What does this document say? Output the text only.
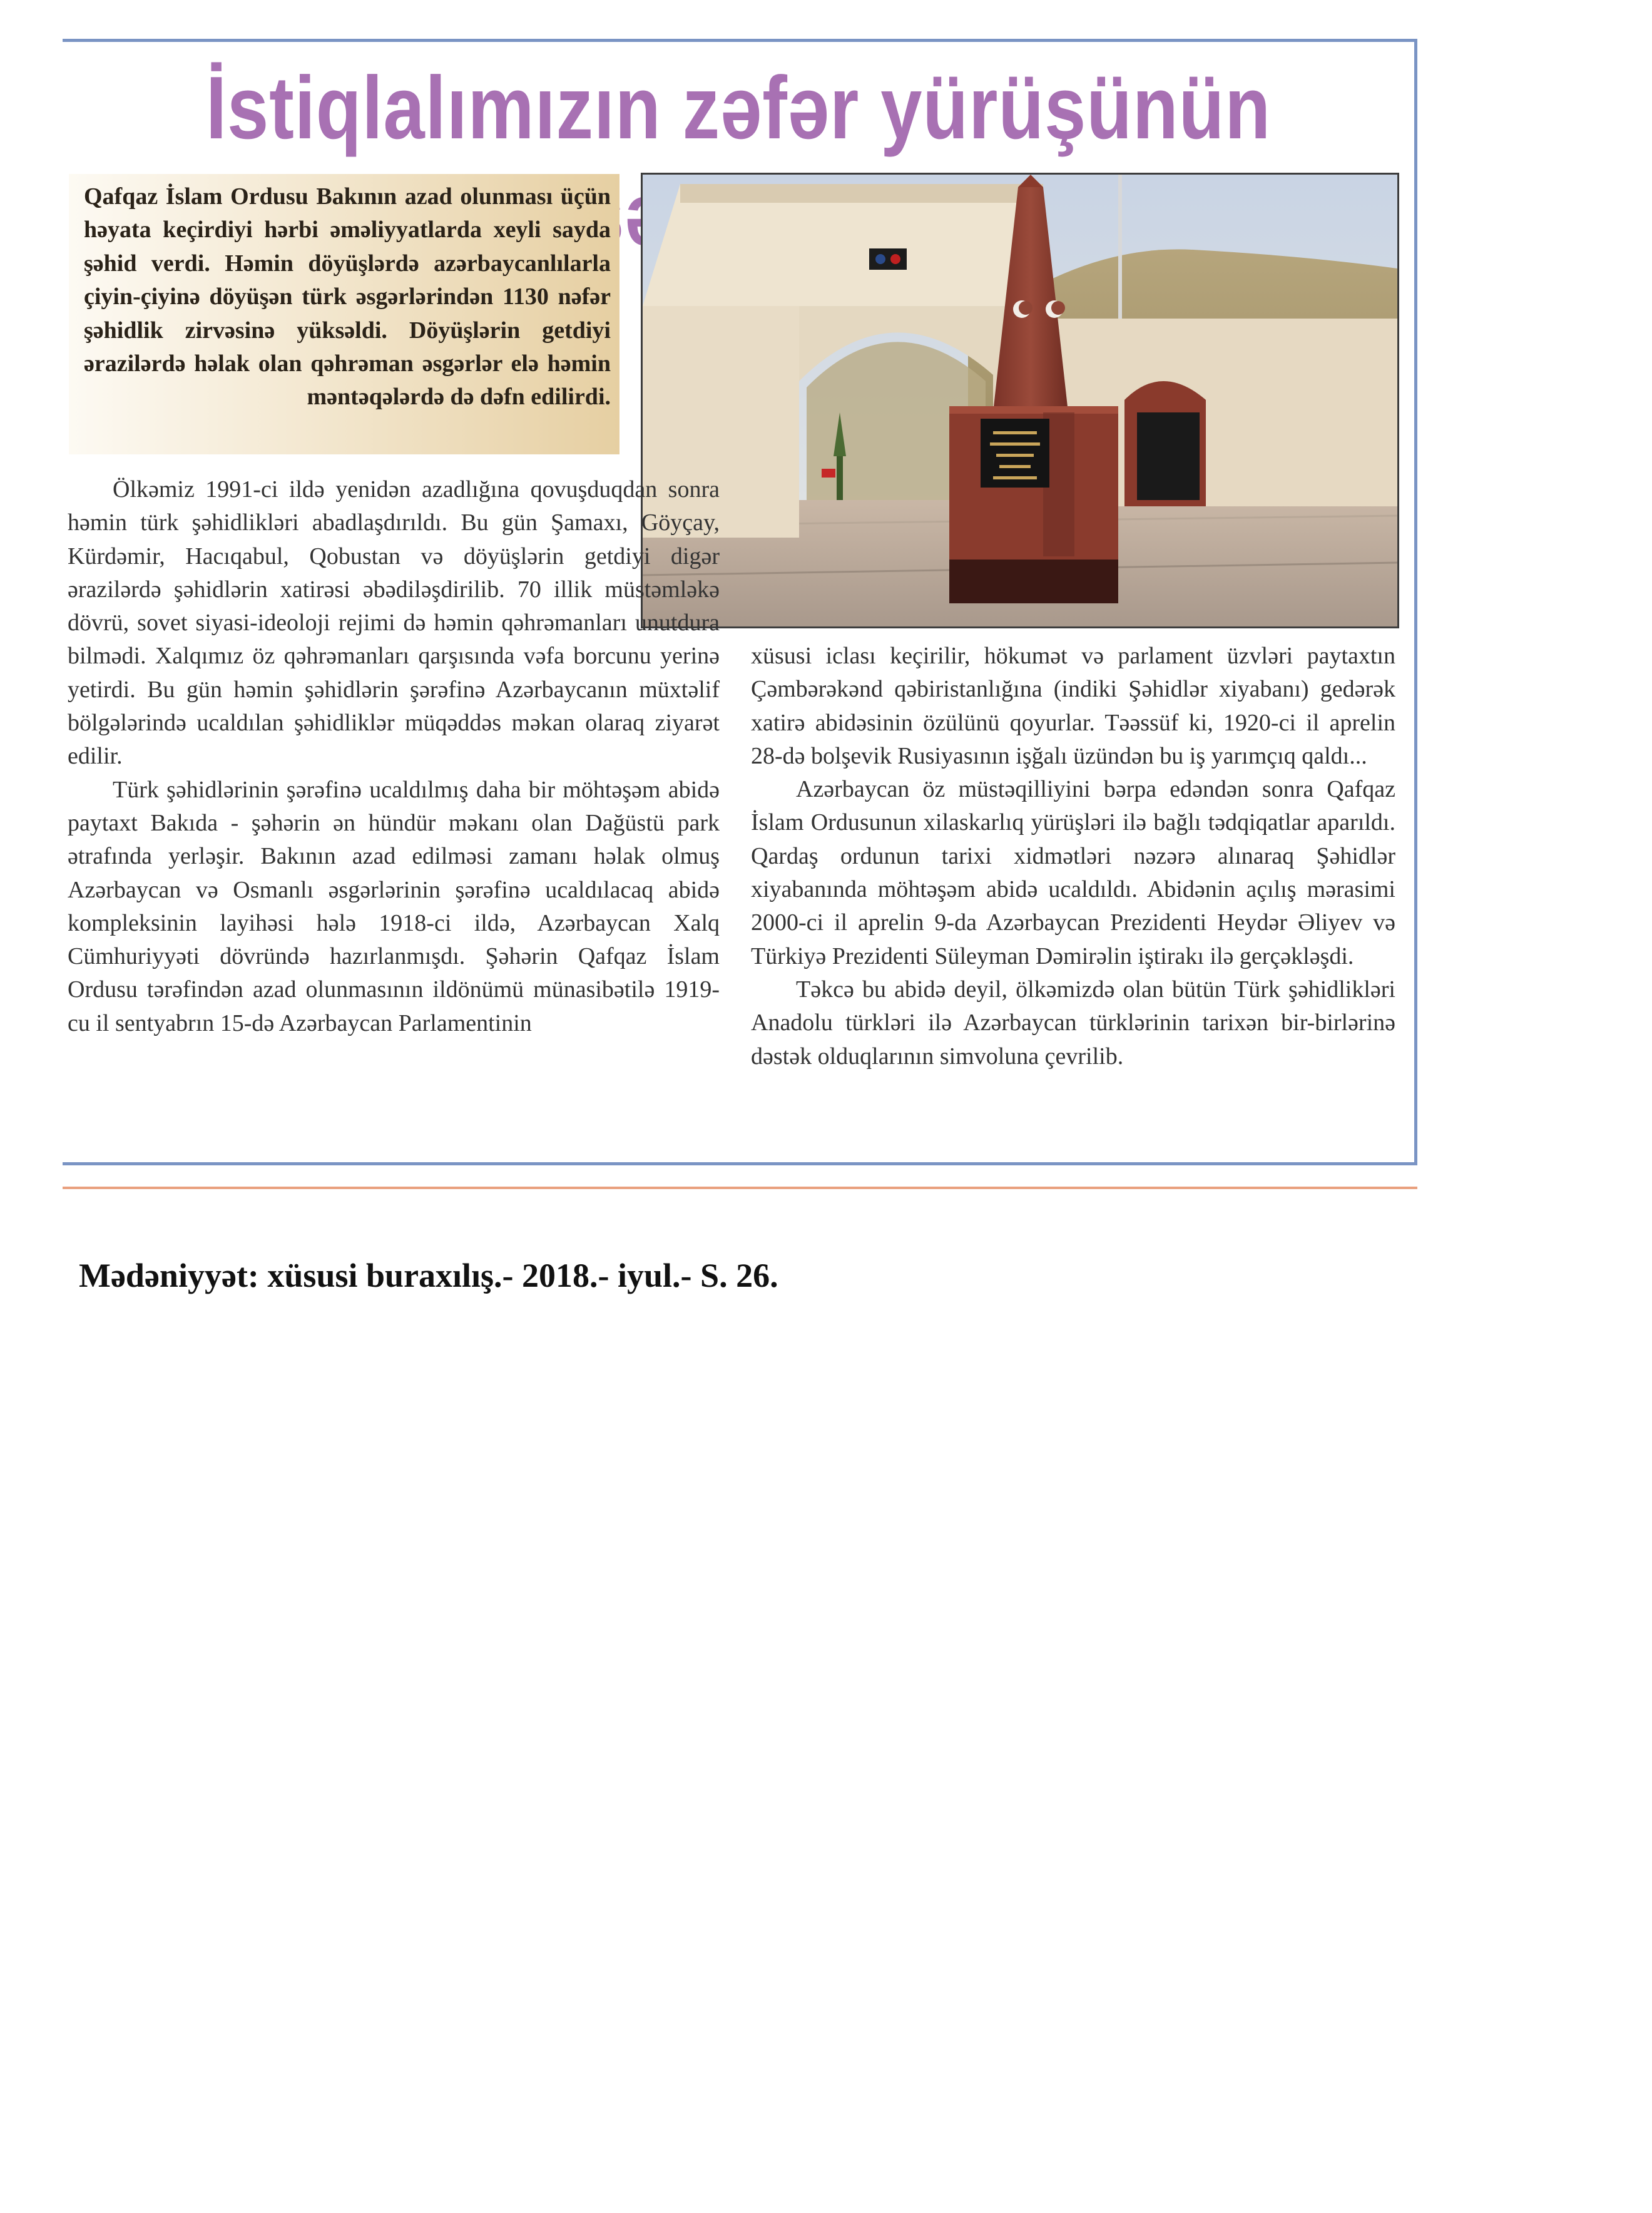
İstiqlalımızın zəfər yürüşünün

Qafqaz İslam Ordusu Bakının azad olunması üçün həyata keçirdiyi hərbi əməliyyatlarda xeyli sayda şəhid verdi. Həmin döyüşlərdə azərbaycanlılarla çiyin-çiyinə döyüşən türk əsgərlərindən 1130 nəfər şəhidlik zirvəsinə yüksəldi. Döyüşlərin getdiyi ərazilərdə həlak olan qəhrəman əsgərlər elə həmin məntəqələrdə də dəfn edilirdi.

Ölkəmiz 1991-ci ildə yenidən azadlığına qovuşduqdan sonra həmin türk şəhidlikləri abadlaşdırıldı. Bu gün Şamaxı, Göyçay, Kürdəmir, Hacıqabul, Qobustan və döyüşlərin getdiyi digər ərazilərdə şəhidlərin xatirəsi əbədiləşdirilib. 70 illik müstəmləkə dövrü, sovet siyasi-ideoloji rejimi də həmin qəhrəmanları unutdura bilmədi. Xalqımız öz qəhrəmanları qarşısında vəfa borcunu yerinə yetirdi. Bu gün həmin şəhidlərin şərəfinə Azərbaycanın müxtəlif bölgələrində ucaldılan şəhidliklər müqəddəs məkan olaraq ziyarət edilir.

Türk şəhidlərinin şərəfinə ucaldılmış daha bir möhtəşəm abidə paytaxt Bakıda - şəhərin ən hündür məkanı olan Dağüstü park ətrafında yerləşir. Bakının azad edilməsi zamanı həlak olmuş Azərbaycan və Osmanlı əsgərlərinin şərəfinə ucaldılacaq abidə kompleksinin layihəsi hələ 1918-ci ildə, Azərbaycan Xalq Cümhuriyyəti dövründə hazırlanmışdı. Şəhərin Qafqaz İslam Ordusu tərəfindən azad olunmasının ildönümü münasibətilə 1919-cu il sentyabrın 15-də Azərbaycan Parlamentinin

xüsusi iclası keçirilir, hökumət və parlament üzvləri paytaxtın Çəmbərəkənd qəbiristanlığına (indiki Şəhidlər xiyabanı) gedərək xatirə abidəsinin özülünü qoyurlar. Təəssüf ki, 1920-ci il aprelin 28-də bolşevik Rusiyasının işğalı üzündən bu iş yarımçıq qaldı...

Azərbaycan öz müstəqilliyini bərpa edəndən sonra Qafqaz İslam Ordusunun xilaskarlıq yürüşləri ilə bağlı tədqiqatlar aparıldı. Qardaş ordunun tarixi xidmətləri nəzərə alınaraq Şəhidlər xiyabanında möhtəşəm abidə ucaldıldı. Abidənin açılış mərasimi 2000-ci il aprelin 9-da Azərbaycan Prezidenti Heydər Əliyev və Türkiyə Prezidenti Süleyman Dəmirəlin iştirakı ilə gerçəkləşdi.

Təkcə bu abidə deyil, ölkəmizdə olan bütün Türk şəhidlikləri Anadolu türkləri ilə Azərbaycan türklərinin tarixən bir-birlərinə dəstək olduqlarının simvoluna çevrilib.

Mədəniyyət: xüsusi buraxılış.- 2018.- iyul.- S. 26.
